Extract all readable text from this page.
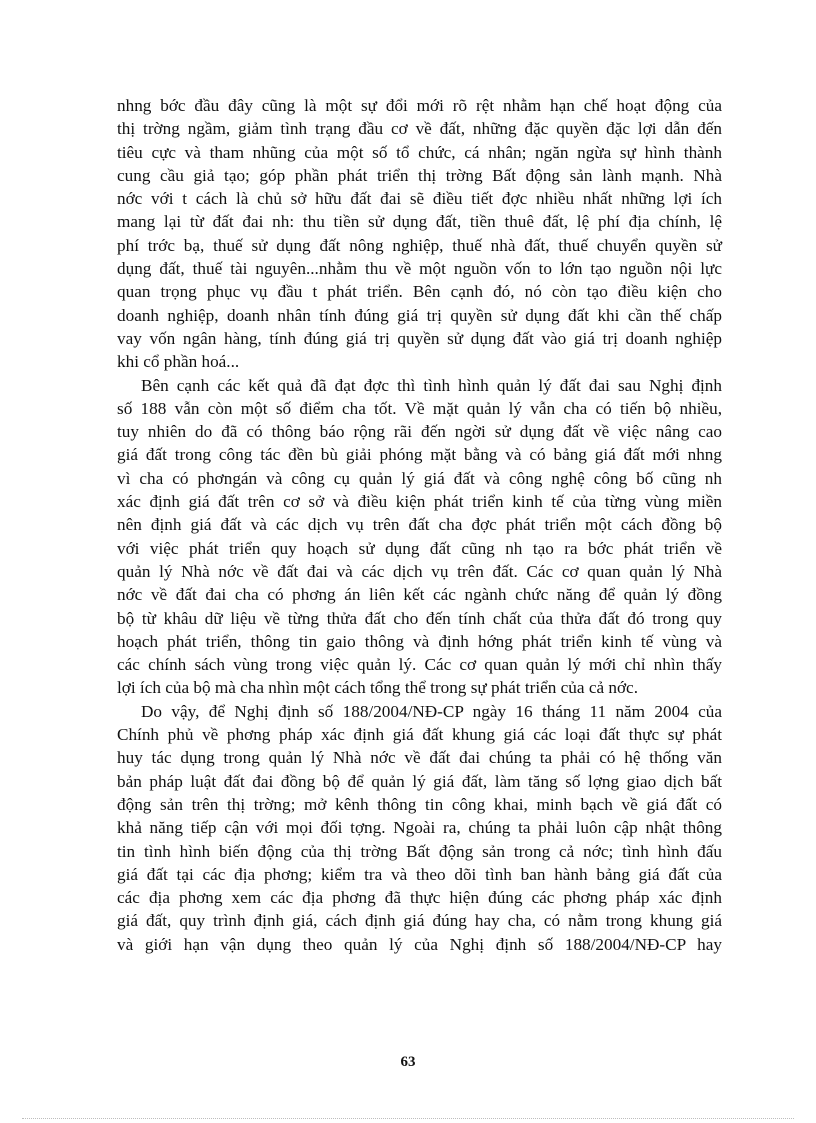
nhng bớc đầu đây cũng là một sự đổi mới rõ rệt nhằm hạn chế hoạt động của
thị trờng ngầm, giảm tình trạng đầu cơ về đất, những đặc quyền đặc lợi dẫn đến
tiêu cực và tham nhũng của một số tổ chức, cá nhân; ngăn ngừa sự hình thành
cung cầu giả tạo; góp phần phát triển thị trờng Bất động sản lành mạnh. Nhà
nớc với t cách là chủ sở hữu đất đai sẽ điều tiết đợc nhiều nhất những lợi ích
mang lại từ đất đai nh: thu tiền sử dụng đất, tiền thuê đất, lệ phí địa chính, lệ
phí trớc bạ, thuế sử dụng đất nông nghiệp, thuế nhà đất, thuế chuyển quyền sử
dụng đất, thuế tài nguyên...nhằm thu về một nguồn vốn to lớn tạo nguồn nội lực
quan trọng phục vụ đầu t phát triển. Bên cạnh đó, nó còn tạo điều kiện cho
doanh nghiệp, doanh nhân tính đúng giá trị quyền sử dụng đất khi cần thế chấp
vay vốn ngân hàng, tính đúng giá trị quyền sử dụng đất vào giá trị doanh nghiệp
khi cổ phần hoá...
Bên cạnh các kết quả đã đạt đợc thì tình hình quản lý đất đai sau Nghị định
số 188 vẫn còn một số điểm cha tốt. Về mặt quản lý vẫn cha có tiến bộ nhiều,
tuy nhiên do đã có thông báo rộng rãi đến ngời sử dụng đất về việc nâng cao
giá đất trong công tác đền bù giải phóng mặt bằng và có bảng giá đất mới nhng
vì cha có phơngán và công cụ quản lý giá đất và công nghệ công bố cũng nh
xác định giá đất trên cơ sở và điều kiện phát triển kinh tế của từng vùng miền
nên định giá đất và các dịch vụ trên đất cha đợc phát triển một cách đồng bộ
với việc phát triển quy hoạch sử dụng đất cũng nh tạo ra bớc phát triển về
quản lý Nhà nớc về đất đai và các dịch vụ trên đất. Các cơ quan quản lý Nhà
nớc về đất đai cha có phơng án liên kết các ngành chức năng để quản lý đồng
bộ từ khâu dữ liệu về từng thửa đất cho đến tính chất của thửa đất đó trong quy
hoạch phát triển, thông tin gaio thông và định hớng phát triển kinh tế vùng và
các chính sách vùng trong việc quản lý. Các cơ quan quản lý mới chỉ nhìn thấy
lợi ích của bộ mà cha nhìn một cách tổng thể trong sự phát triển của cả nớc.
Do vậy, để Nghị định số 188/2004/NĐ-CP ngày 16 tháng 11 năm 2004 của
Chính phủ về phơng pháp xác định giá đất khung giá các loại đất thực sự phát
huy tác dụng trong quản lý Nhà nớc về đất đai chúng ta phải có hệ thống văn
bản pháp luật đất đai đồng bộ để quản lý giá đất, làm tăng số lợng giao dịch bất
động sản trên thị trờng; mở kênh thông tin công khai, minh bạch về giá đất có
khả năng tiếp cận với mọi đối tợng. Ngoài ra, chúng ta phải luôn cập nhật thông
tin tình hình biến động của thị trờng Bất động sản trong cả nớc; tình hình đấu
giá đất tại các địa phơng; kiểm tra và theo dõi tình ban hành bảng giá đất của
các địa phơng xem các địa phơng đã thực hiện đúng các phơng pháp xác định
giá đất, quy trình định giá, cách định giá đúng hay cha, có nằm trong khung giá
và giới hạn vận dụng theo quản lý của Nghị định số 188/2004/NĐ-CP hay
63
